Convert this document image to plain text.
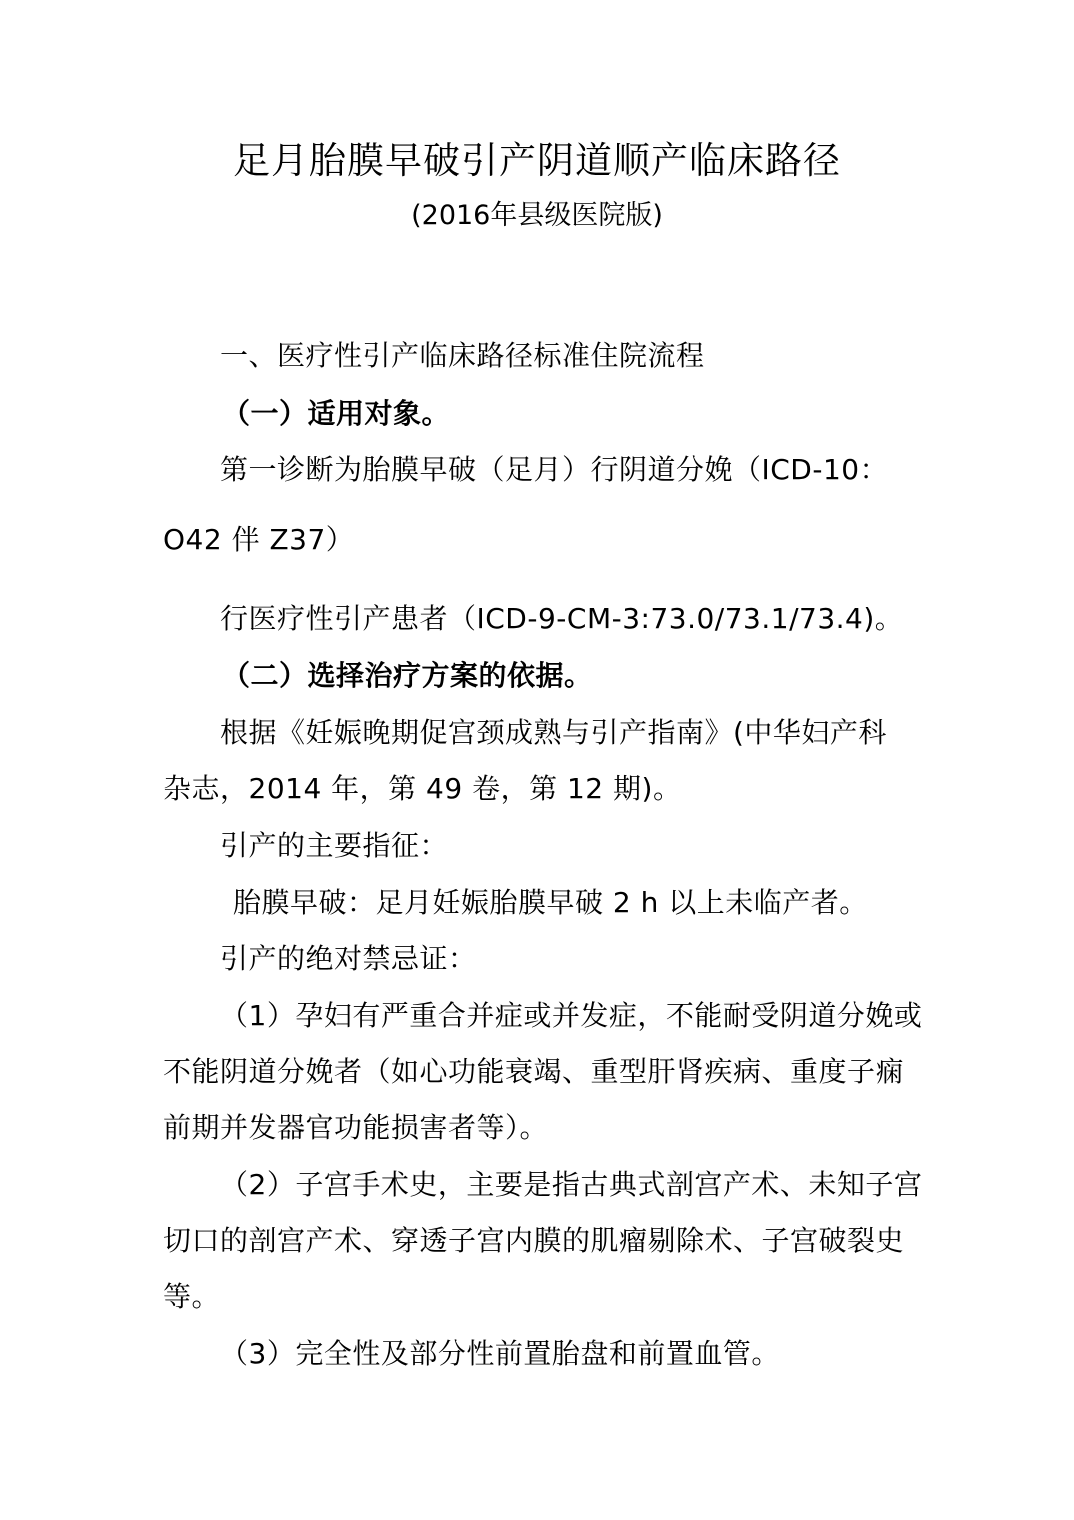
足月胎膜早破引产阴道顺产临床路径
(2016年县级医院版)
一、医疗性引产临床路径标准住院流程
（一）适用对象。
第一诊断为胎膜早破（足月）行阴道分娩（ICD-10：
O42 伴 Z37）
行医疗性引产患者（ICD-9-CM-3:73.0/73.1/73.4)。
（二）选择治疗方案的依据。
根据《妊娠晚期促宫颈成熟与引产指南》(中华妇产科
杂志，2014 年，第 49 卷，第 12 期)。
引产的主要指征：
胎膜早破：足月妊娠胎膜早破 2 h 以上未临产者。
引产的绝对禁忌证：
（1）孕妇有严重合并症或并发症，不能耐受阴道分娩或
不能阴道分娩者（如心功能衰竭、重型肝肾疾病、重度子痫
前期并发器官功能损害者等）。
（2）子宫手术史，主要是指古典式剖宫产术、未知子宫
切口的剖宫产术、穿透子宫内膜的肌瘤剔除术、子宫破裂史
等。
（3）完全性及部分性前置胎盘和前置血管。
